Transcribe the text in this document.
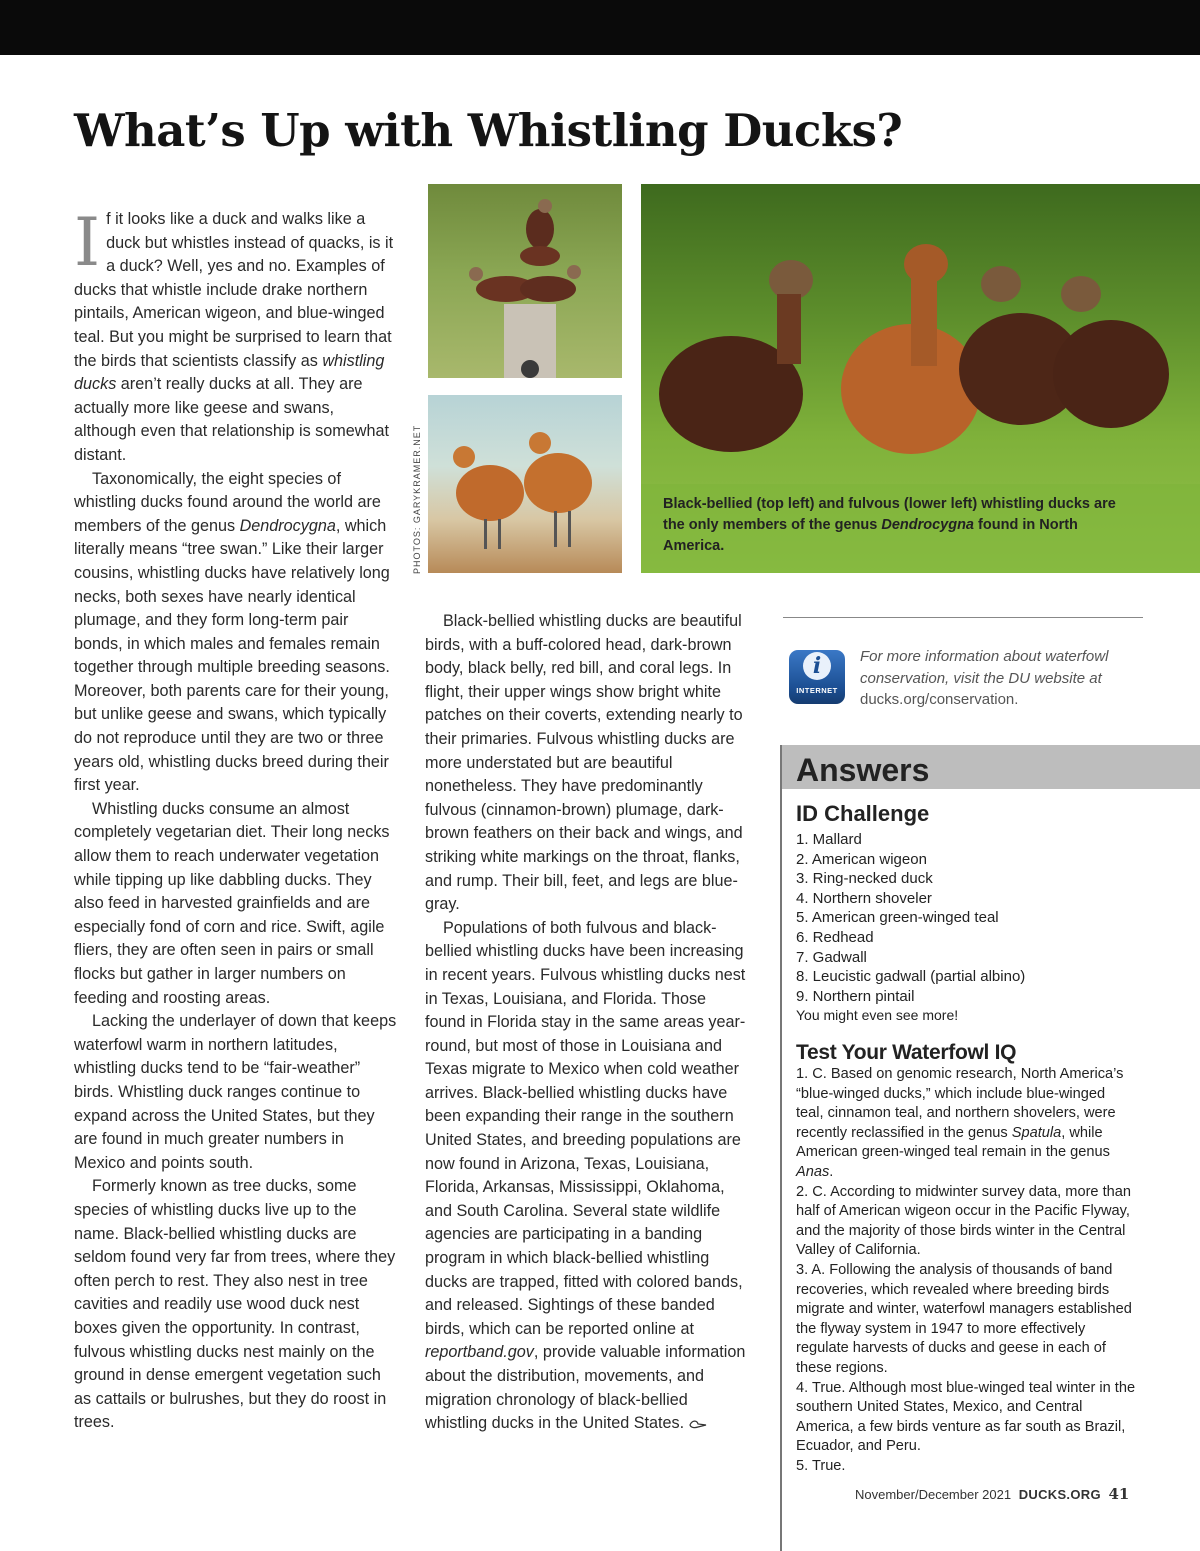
What’s Up with Whistling Ducks?

If it looks like a duck and walks like a duck but whistles instead of quacks, is it a duck? Well, yes and no. Examples of ducks that whistle include drake northern pintails, American wigeon, and blue-winged teal. But you might be surprised to learn that the birds that scientists classify as whistling ducks aren’t really ducks at all. They are actually more like geese and swans, although even that relationship is somewhat distant.

Taxonomically, the eight species of whistling ducks found around the world are members of the genus Dendrocygna, which literally means “tree swan.” Like their larger cousins, whistling ducks have relatively long necks, both sexes have nearly identical plumage, and they form long-term pair bonds, in which males and females remain together through multiple breeding seasons. Moreover, both parents care for their young, but unlike geese and swans, which typically do not reproduce until they are two or three years old, whistling ducks breed during their first year.

Whistling ducks consume an almost completely vegetarian diet. Their long necks allow them to reach underwater vegetation while tipping up like dabbling ducks. They also feed in harvested grainfields and are especially fond of corn and rice. Swift, agile fliers, they are often seen in pairs or small flocks but gather in larger numbers on feeding and roosting areas.

Lacking the underlayer of down that keeps waterfowl warm in northern latitudes, whistling ducks tend to be “fair-weather” birds. Whistling duck ranges continue to expand across the United States, but they are found in much greater numbers in Mexico and points south.

Formerly known as tree ducks, some species of whistling ducks live up to the name. Black-bellied whistling ducks are seldom found very far from trees, where they often perch to rest. They also nest in tree cavities and readily use wood duck nest boxes given the opportunity. In contrast, fulvous whistling ducks nest mainly on the ground in dense emergent vegetation such as cattails or bulrushes, but they do roost in trees.

Black-bellied whistling ducks are beautiful birds, with a buff-colored head, dark-brown body, black belly, red bill, and coral legs. In flight, their upper wings show bright white patches on their coverts, extending nearly to their primaries. Fulvous whistling ducks are more understated but are beautiful nonetheless. They have predominantly fulvous (cinnamon-brown) plumage, dark-brown feathers on their back and wings, and striking white markings on the throat, flanks, and rump. Their bill, feet, and legs are blue-gray.

Populations of both fulvous and black-bellied whistling ducks have been increasing in recent years. Fulvous whistling ducks nest in Texas, Louisiana, and Florida. Those found in Florida stay in the same areas year-round, but most of those in Louisiana and Texas migrate to Mexico when cold weather arrives. Black-bellied whistling ducks have been expanding their range in the southern United States, and breeding populations are now found in Arizona, Texas, Louisiana, Florida, Arkansas, Mississippi, Oklahoma, and South Carolina. Several state wildlife agencies are participating in a banding program in which black-bellied whistling ducks are trapped, fitted with colored bands, and released. Sightings of these banded birds, which can be reported online at reportband.gov, provide valuable information about the distribution, movements, and migration chronology of black-bellied whistling ducks in the United States.

Black-bellied (top left) and fulvous (lower left) whistling ducks are the only members of the genus Dendrocygna found in North America.
PHOTOS: GARYKRAMER.NET
i
INTERNET
For more information about waterfowl conservation, visit the DU website at
ducks.org/conservation.
Answers
ID Challenge
1. Mallard
2. American wigeon
3. Ring-necked duck
4. Northern shoveler
5. American green-winged teal
6. Redhead
7. Gadwall
8. Leucistic gadwall (partial albino)
9. Northern pintail
You might even see more!
Test Your Waterfowl IQ

1. C. Based on genomic research, North America’s “blue-winged ducks,” which include blue-winged teal, cinnamon teal, and northern shovelers, were recently reclassified in the genus Spatula, while American green-winged teal remain in the genus Anas.

2. C. According to midwinter survey data, more than half of American wigeon occur in the Pacific Flyway, and the majority of those birds winter in the Central Valley of California.

3. A. Following the analysis of thousands of band recoveries, which revealed where breeding birds migrate and winter, waterfowl managers established the flyway system in 1947 to more effectively regulate harvests of ducks and geese in each of these regions.

4. True. Although most blue-winged teal winter in the southern United States, Mexico, and Central America, a few birds venture as far south as Brazil, Ecuador, and Peru.

5. True.

November/December 2021 DUCKS.ORG 41
